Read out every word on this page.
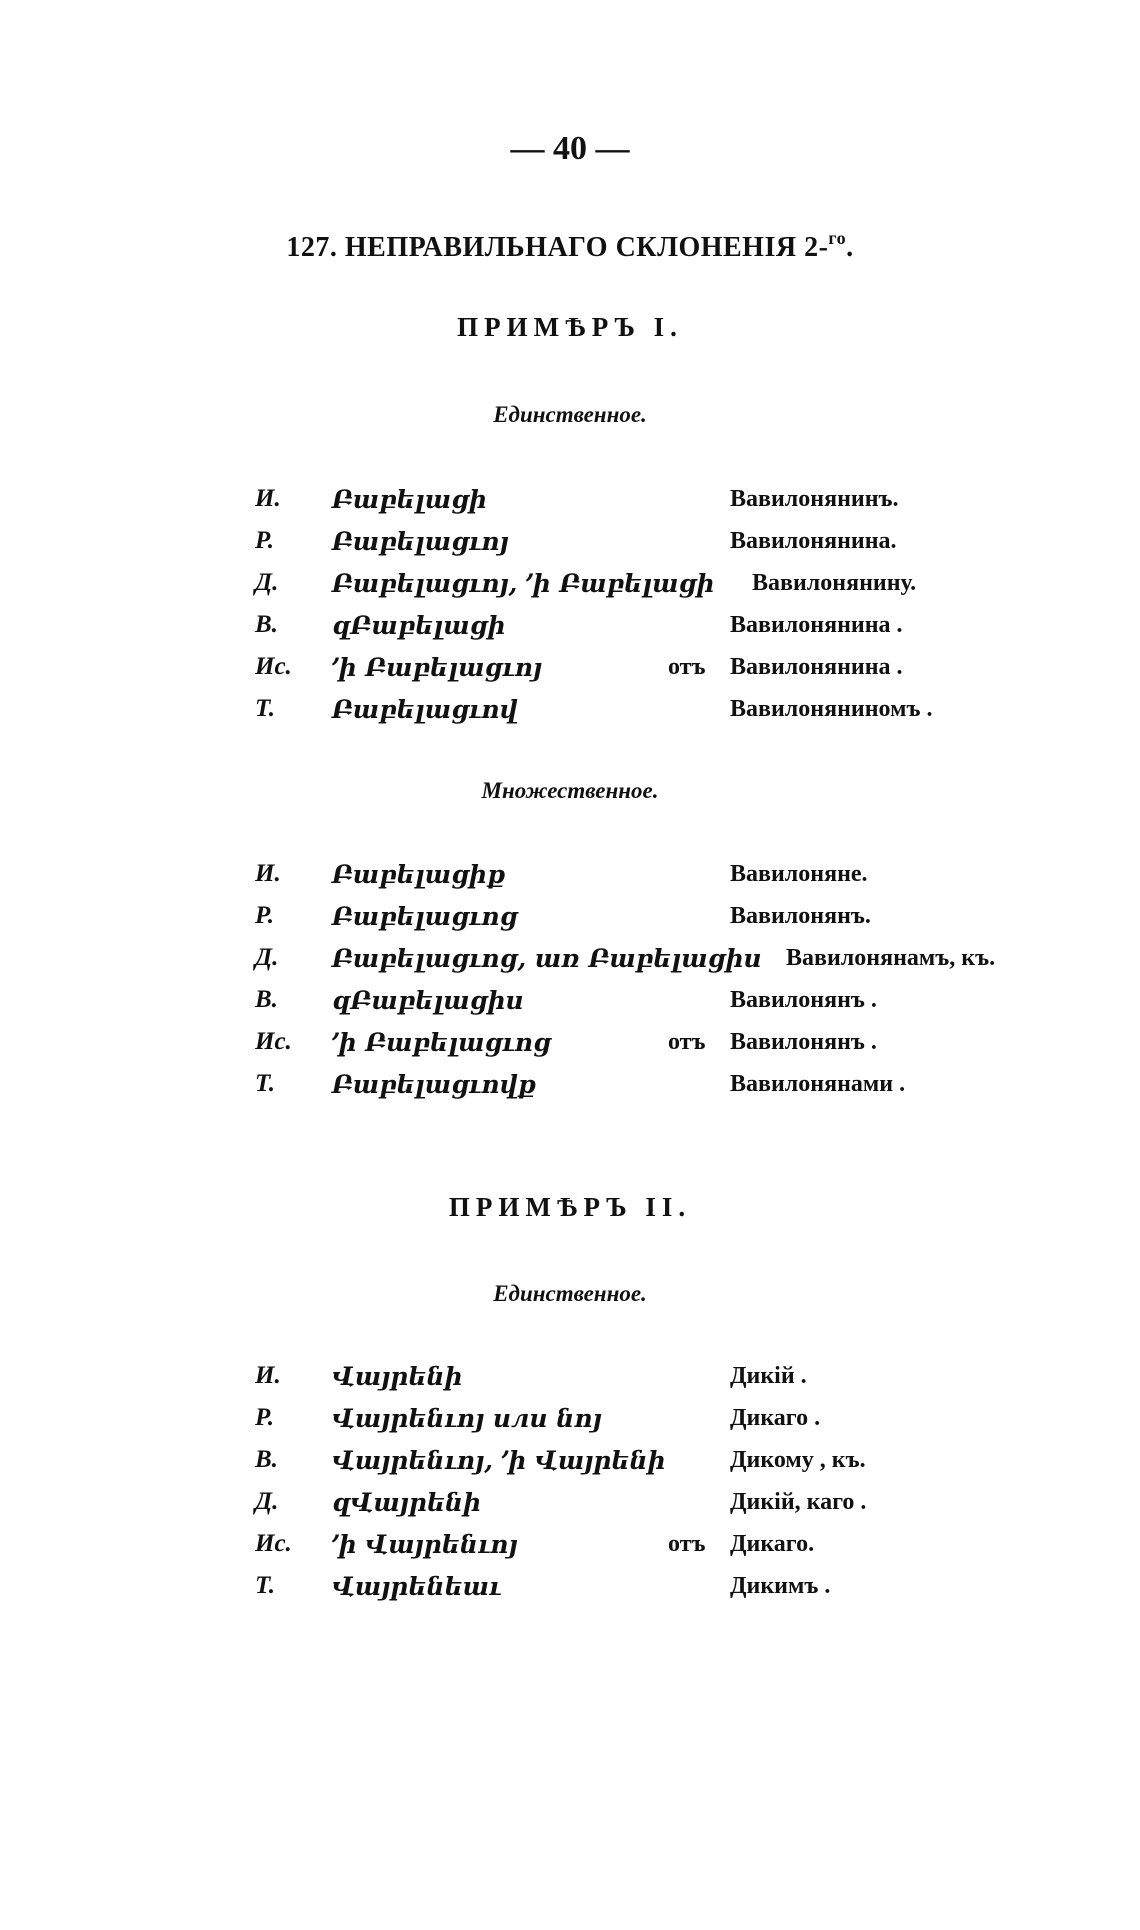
— 40 —
127. НЕПРАВИЛЬНАГО СКЛОНЕНІЯ 2-$^{го}$.
ПРИМѢРЪ I.
Единственное.
И. Բաբելացի	Вавилонянинъ.
Р. Բաբելացւոյ	Вавилонянина.
Д. Բաբելացւոյ, ՚ի Բաբելացի Вавилонянину.
В. զԲաբելացի	Вавилонянина .
Ис. ՚ի Բաբելացւոյ	отъ Вавилонянина .
Т. Բաբելացւով	Вавилоняниномъ .
Множественное.
И. Բաբելացիք	Вавилоняне.
Р. Բաբելացւոց	Вавилонянъ.
Д. Բաբելացւոց, առ Բաբելացիս Вавилонянамъ, къ.
В. զԲաբելացիս	Вавилонянъ .
Ис. ՚ի Բաբելացւոց	отъ Вавилонянъ .
Т. Բաբելացւովք	Вавилонянами .
ПРИМѢРЪ II.
Единственное.
И. Վայրենի	Дикій .
Р. Վայրենւոյ или նոյ	Дикаго .
В. Վայրենւոյ, ՚ի Վայրենի	Дикому , къ.
Д. զՎայրենի	Дикій, каго .
Ис. ՚ի Վայրենւոյ	отъ Дикаго.
Т. Վայրենեաւ	Дикимъ .
